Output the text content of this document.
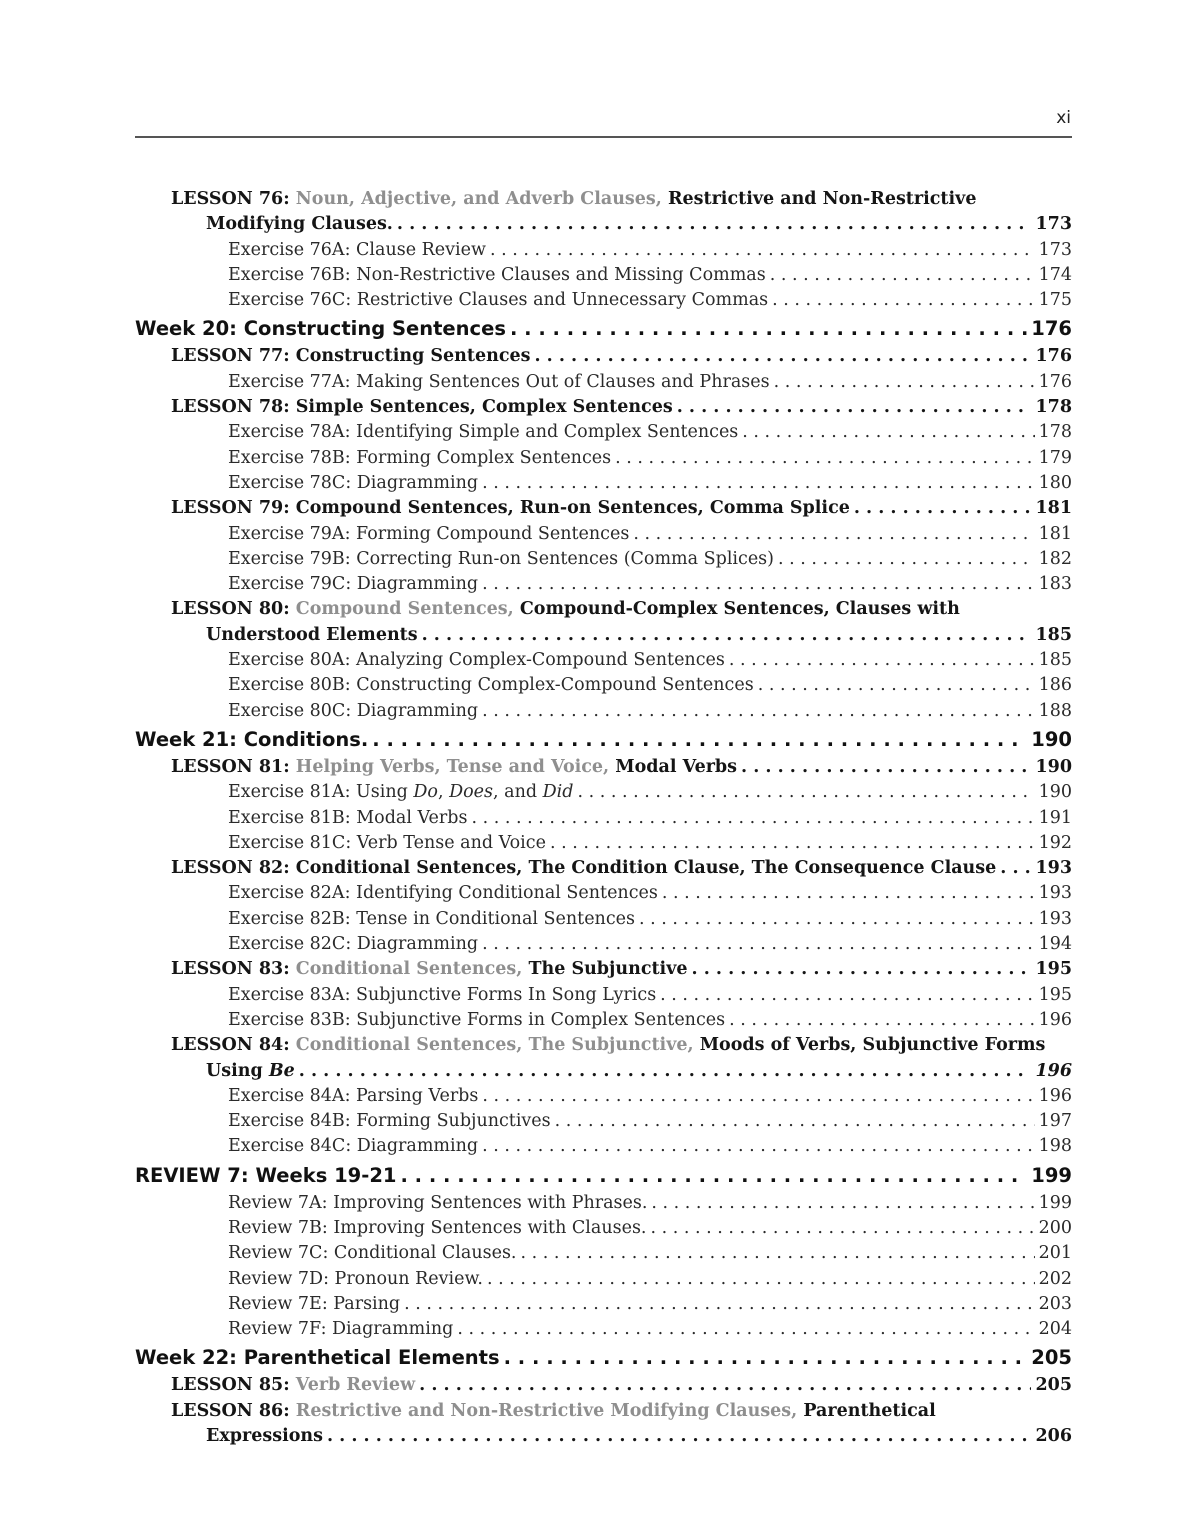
xi
LESSON 76:
Noun, Adjective, and Adverb Clauses,
Restrictive and Non-Restrictive
Modifying Clauses. . . .	173
Exercise 76A: Clause Review . . .	173
Exercise 76B: Non-Restrictive Clauses and Missing Commas . . .	174
Exercise 76C: Restrictive Clauses and Unnecessary Commas . . .	175
Week 20: Constructing Sentences . . .	176
LESSON 77: Constructing Sentences . . .	176
Exercise 77A: Making Sentences Out of Clauses and Phrases . . .	176
LESSON 78: Simple Sentences, Complex Sentences . . .	178
Exercise 78A: Identifying Simple and Complex Sentences . . .	178
Exercise 78B: Forming Complex Sentences . . .	179
Exercise 78C: Diagramming . . .	180
LESSON 79: Compound Sentences, Run-on Sentences, Comma Splice . . .	181
Exercise 79A: Forming Compound Sentences . . .	181
Exercise 79B: Correcting Run-on Sentences (Comma Splices) . . .	182
Exercise 79C: Diagramming . . .	183
LESSON 80:
Compound Sentences,
Compound-Complex Sentences, Clauses with
Understood Elements . . .	185
Exercise 80A: Analyzing Complex-Compound Sentences . . .	185
Exercise 80B: Constructing Complex-Compound Sentences . . .	186
Exercise 80C: Diagramming . . .	188
Week 21: Conditions. . . .	190
LESSON 81:
Helping Verbs, Tense and Voice,
Modal Verbs . . .	190
Exercise 81A: Using Do, Does, and Did . . .	190
Exercise 81B: Modal Verbs . . .	191
Exercise 81C: Verb Tense and Voice . . .	192
LESSON 82: Conditional Sentences, The Condition Clause, The Consequence Clause . . . 193
Exercise 82A: Identifying Conditional Sentences . . .	193
Exercise 82B: Tense in Conditional Sentences . . .	193
Exercise 82C: Diagramming . . .	194
LESSON 83:
Conditional Sentences,
The Subjunctive . . .	195
Exercise 83A: Subjunctive Forms In Song Lyrics . . .	195
Exercise 83B: Subjunctive Forms in Complex Sentences . . .	196
LESSON 84:
Conditional Sentences, The Subjunctive,
Moods of Verbs, Subjunctive Forms
Using Be . . .	196
Exercise 84A: Parsing Verbs . . .	196
Exercise 84B: Forming Subjunctives . . .	197
Exercise 84C: Diagramming . . .	198
REVIEW 7: Weeks 19-21 . . .	199
Review 7A: Improving Sentences with Phrases. . . .	199
Review 7B: Improving Sentences with Clauses. . . .	200
Review 7C: Conditional Clauses. . . .	201
Review 7D: Pronoun Review. . . .	202
Review 7E: Parsing . . .	203
Review 7F: Diagramming . . .	204
Week 22: Parenthetical Elements . . .	205
LESSON 85:
Verb Review . . .	205
LESSON 86:
Restrictive and Non-Restrictive Modifying Clauses,
Parenthetical
Expressions . . .	206
